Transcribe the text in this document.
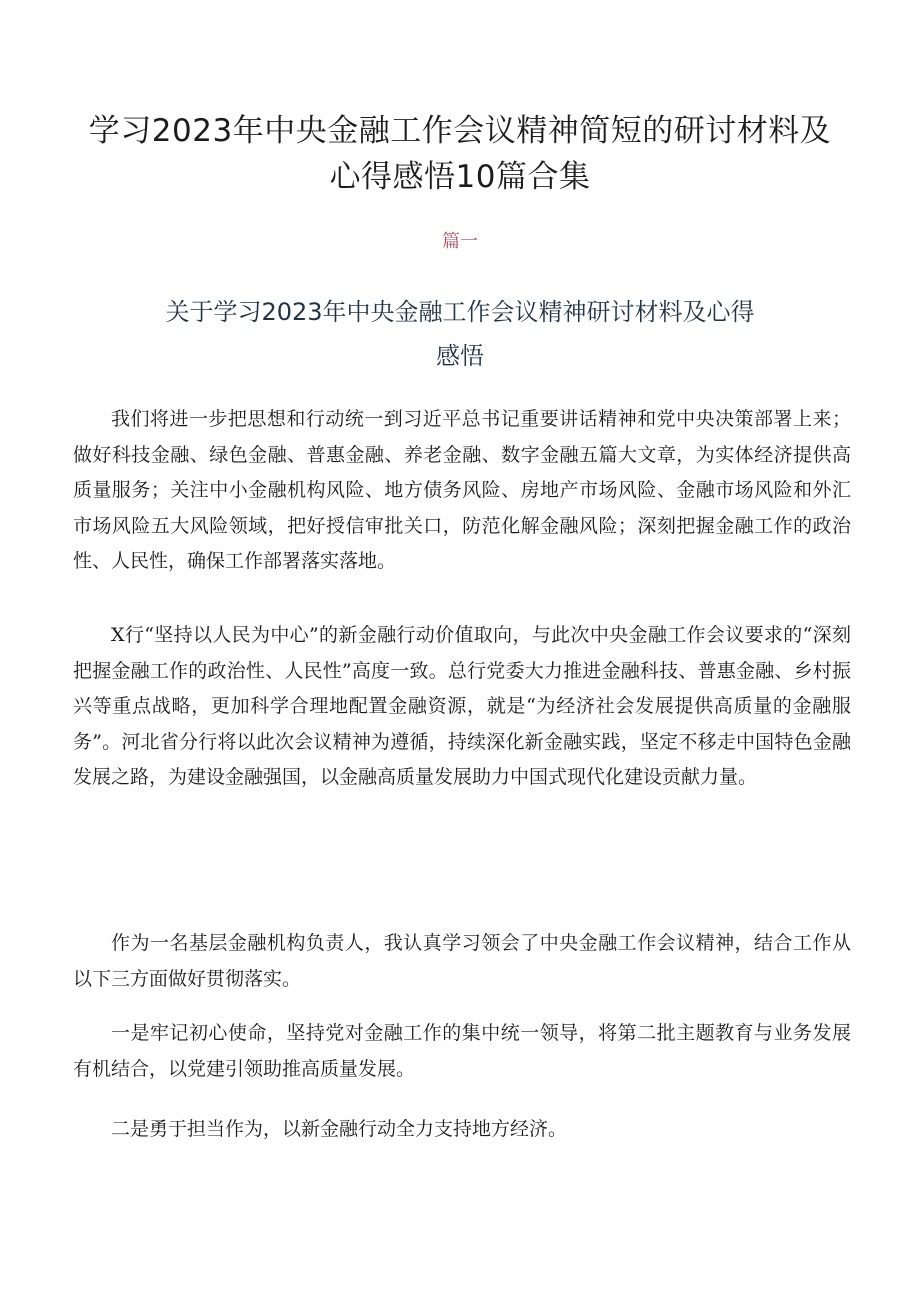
学习2023年中央金融工作会议精神简短的研讨材料及
心得感悟10篇合集
篇一
关于学习2023年中央金融工作会议精神研讨材料及心得
感悟

我们将进一步把思想和行动统一到习近平总书记重要讲话精神和党中央决策部署上来；做好科技金融、绿色金融、普惠金融、养老金融、数字金融五篇大文章，为实体经济提供高质量服务；关注中小金融机构风险、地方债务风险、房地产市场风险、金融市场风险和外汇市场风险五大风险领域，把好授信审批关口，防范化解金融风险；深刻把握金融工作的政治性、人民性，确保工作部署落实落地。

X行“坚持以人民为中心”的新金融行动价值取向，与此次中央金融工作会议要求的“深刻把握金融工作的政治性、人民性”高度一致。总行党委大力推进金融科技、普惠金融、乡村振兴等重点战略，更加科学合理地配置金融资源，就是“为经济社会发展提供高质量的金融服务”。河北省分行将以此次会议精神为遵循，持续深化新金融实践，坚定不移走中国特色金融发展之路，为建设金融强国，以金融高质量发展助力中国式现代化建设贡献力量。

作为一名基层金融机构负责人，我认真学习领会了中央金融工作会议精神，结合工作从以下三方面做好贯彻落实。

一是牢记初心使命，坚持党对金融工作的集中统一领导，将第二批主题教育与业务发展有机结合，以党建引领助推高质量发展。

二是勇于担当作为，以新金融行动全力支持地方经济。
